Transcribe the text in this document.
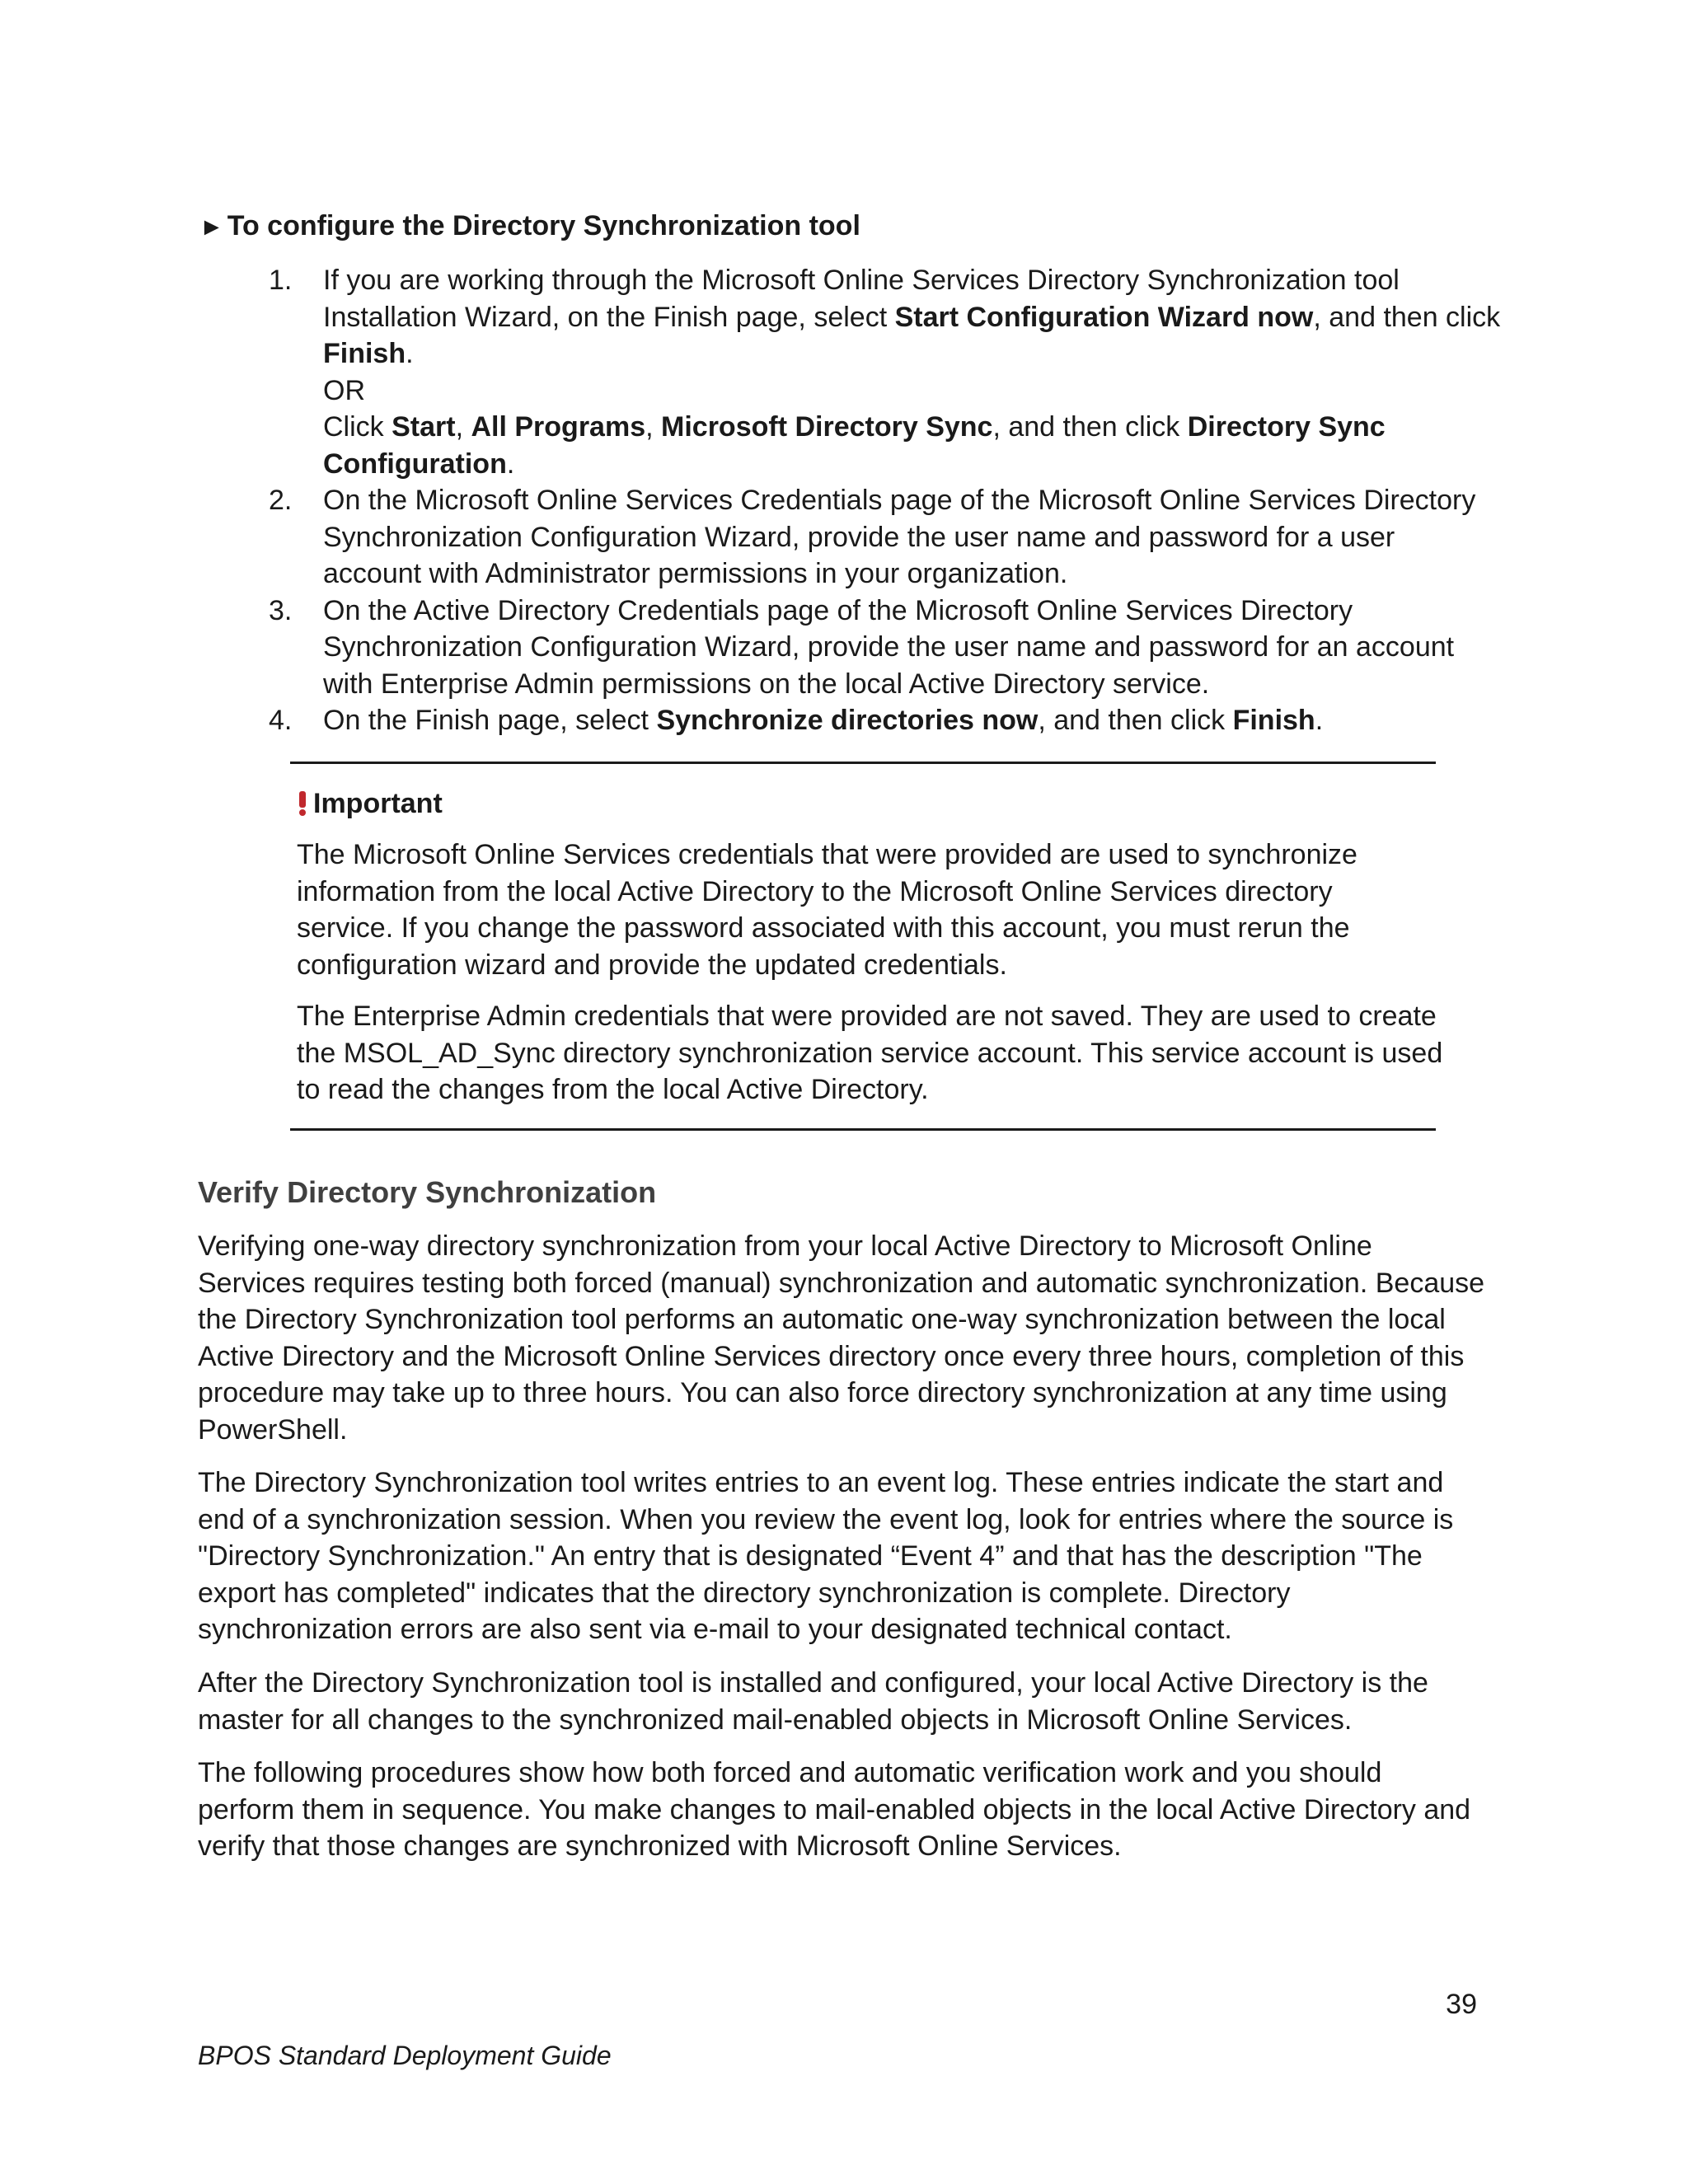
► To configure the Directory Synchronization tool
1. If you are working through the Microsoft Online Services Directory Synchronization tool
Installation Wizard, on the Finish page, select Start Configuration Wizard now, and then click
Finish.
OR
Click Start, All Programs, Microsoft Directory Sync, and then click Directory Sync
Configuration.
2. On the Microsoft Online Services Credentials page of the Microsoft Online Services Directory
Synchronization Configuration Wizard, provide the user name and password for a user
account with Administrator permissions in your organization.
3. On the Active Directory Credentials page of the Microsoft Online Services Directory
Synchronization Configuration Wizard, provide the user name and password for an account
with Enterprise Admin permissions on the local Active Directory service.
4. On the Finish page, select Synchronize directories now, and then click Finish.
Important

The Microsoft Online Services credentials that were provided are used to synchronize
information from the local Active Directory to the Microsoft Online Services directory
service. If you change the password associated with this account, you must rerun the
configuration wizard and provide the updated credentials.

The Enterprise Admin credentials that were provided are not saved. They are used to create
the MSOL_AD_Sync directory synchronization service account. This service account is used
to read the changes from the local Active Directory.

Verify Directory Synchronization

Verifying one-way directory synchronization from your local Active Directory to Microsoft Online
Services requires testing both forced (manual) synchronization and automatic synchronization. Because
the Directory Synchronization tool performs an automatic one-way synchronization between the local
Active Directory and the Microsoft Online Services directory once every three hours, completion of this
procedure may take up to three hours. You can also force directory synchronization at any time using
PowerShell.

The Directory Synchronization tool writes entries to an event log. These entries indicate the start and
end of a synchronization session. When you review the event log, look for entries where the source is
"Directory Synchronization." An entry that is designated “Event 4” and that has the description "The
export has completed" indicates that the directory synchronization is complete. Directory
synchronization errors are also sent via e-mail to your designated technical contact.

After the Directory Synchronization tool is installed and configured, your local Active Directory is the
master for all changes to the synchronized mail-enabled objects in Microsoft Online Services.

The following procedures show how both forced and automatic verification work and you should
perform them in sequence. You make changes to mail-enabled objects in the local Active Directory and
verify that those changes are synchronized with Microsoft Online Services.

39
BPOS Standard Deployment Guide
